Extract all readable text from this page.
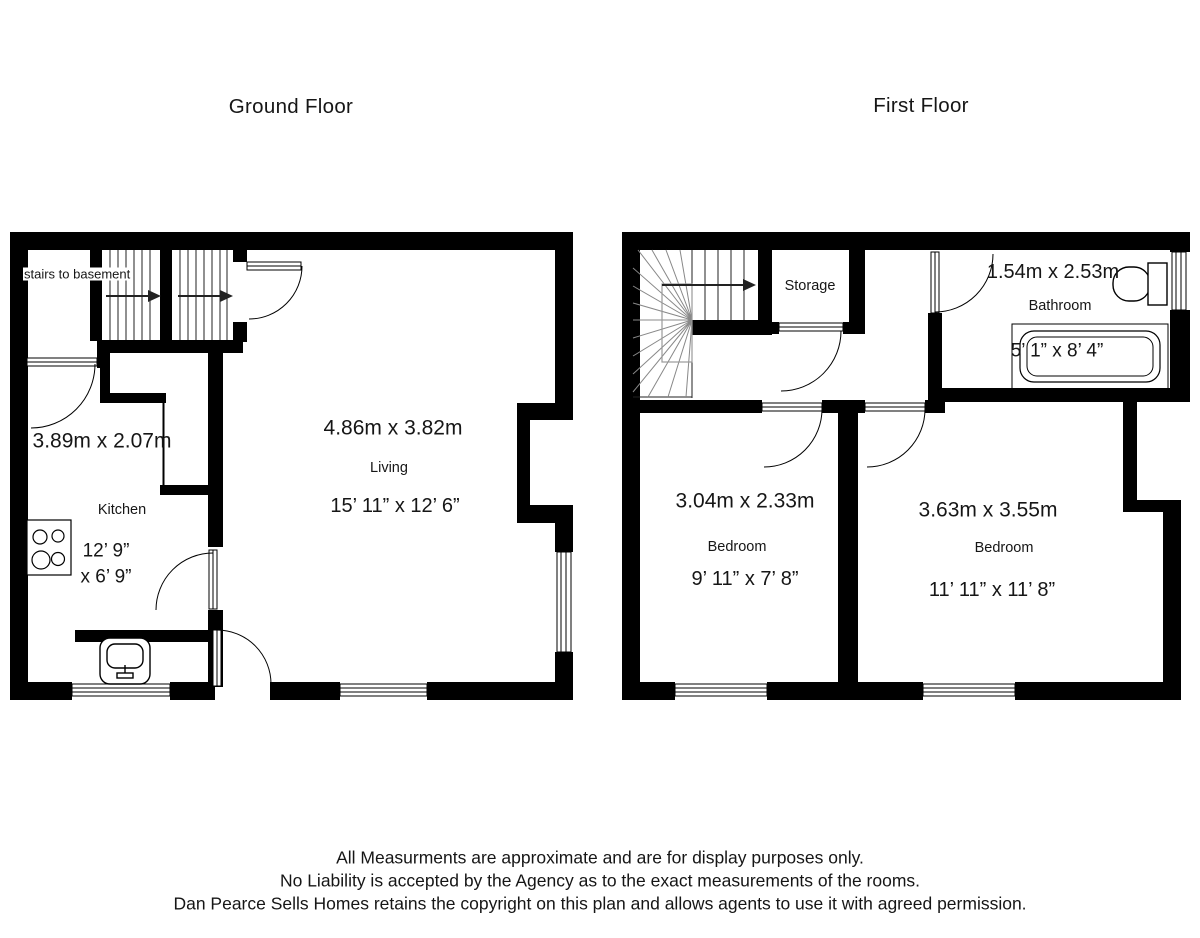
Ground Floor	First Floor
stairs to basement
3.89m x 2.07m
Kitchen
12’ 9”
x 6’ 9”
4.86m x 3.82m
Living
15’ 11” x 12’ 6”
Storage
1.54m x 2.53m
Bathroom
5’ 1” x 8’ 4”
3.04m x 2.33m
Bedroom
9’ 11” x 7’ 8”
3.63m x 3.55m
Bedroom
11’ 11” x 11’ 8”
All Measurments are approximate and are for display purposes only.
No Liability is accepted by the Agency as to the exact measurements of the rooms.
Dan Pearce Sells Homes retains the copyright on this plan and allows agents to use it with agreed permission.
